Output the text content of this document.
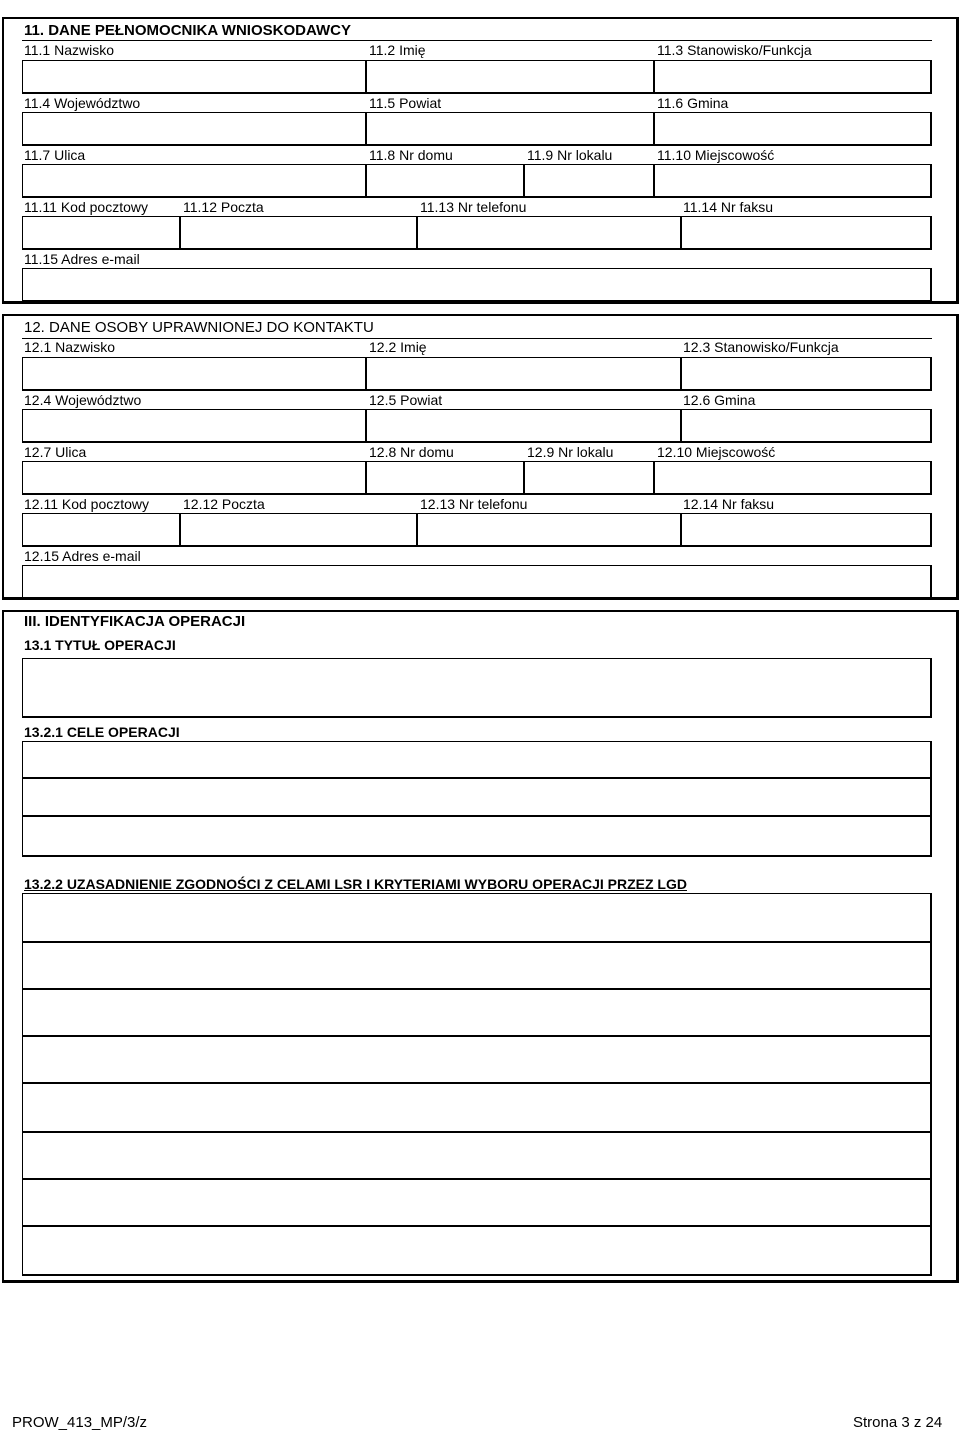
11. DANE PEŁNOMOCNIKA WNIOSKODAWCY
11.1 Nazwisko	11.2 Imię	11.3 Stanowisko/Funkcja
11.4 Województwo	11.5 Powiat	11.6 Gmina
11.7 Ulica	11.8 Nr domu	11.9 Nr lokalu	11.10 Miejscowość
11.11 Kod pocztowy 11.12 Poczta	11.13 Nr telefonu	11.14 Nr faksu
11.15 Adres e-mail
12. DANE OSOBY UPRAWNIONEJ DO KONTAKTU
12.1 Nazwisko	12.2 Imię	12.3 Stanowisko/Funkcja
12.4 Województwo	12.5 Powiat	12.6 Gmina
12.7 Ulica	12.8 Nr domu	12.9 Nr lokalu	12.10 Miejscowość
12.11 Kod pocztowy 12.12 Poczta	12.13 Nr telefonu	12.14 Nr faksu
12.15 Adres e-mail
III. IDENTYFIKACJA OPERACJI
13.1 TYTUŁ OPERACJI
13.2.1 CELE OPERACJI
13.2.2 UZASADNIENIE ZGODNOŚCI Z CELAMI LSR I KRYTERIAMI WYBORU OPERACJI PRZEZ LGD
PROW_413_MP/3/z	Strona 3 z 24
